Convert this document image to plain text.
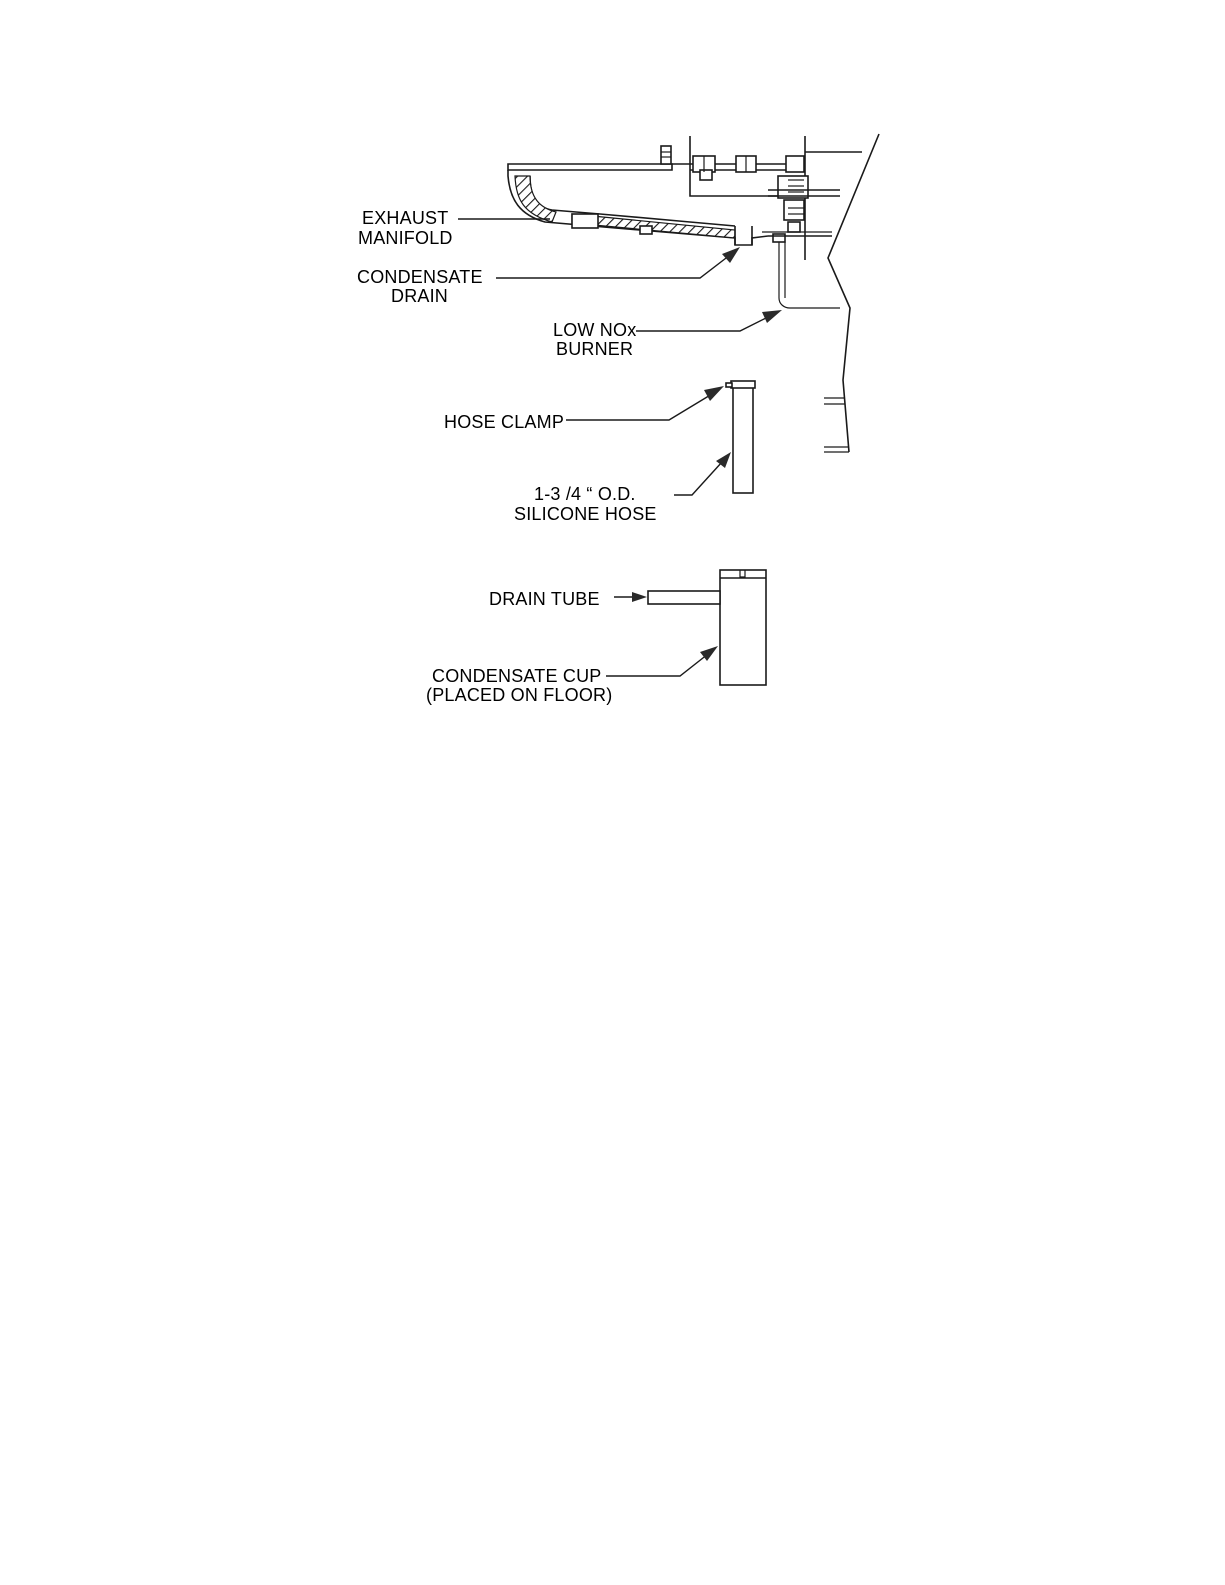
EXHAUST
MANIFOLD
CONDENSATE
DRAIN
LOW NOx
BURNER
HOSE CLAMP
1-3 /4 “ O.D.
SILICONE HOSE
DRAIN TUBE
CONDENSATE CUP
(PLACED ON FLOOR)
